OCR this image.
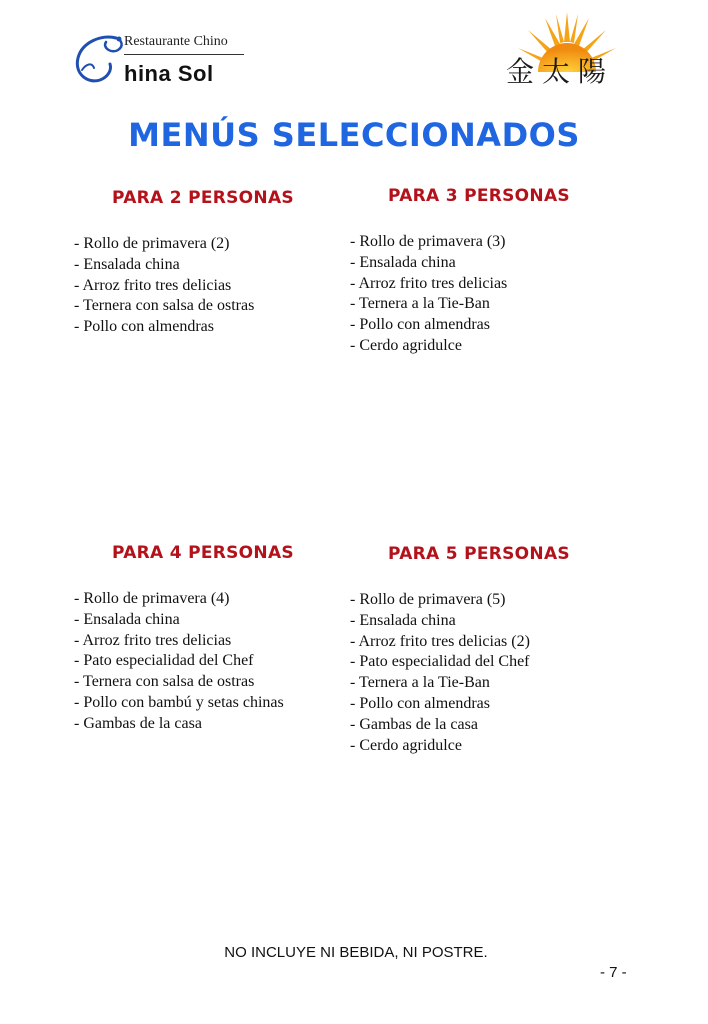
Restaurante Chino
hina Sol	金太陽
MENÚS SELECCIONADOS
PARA 2 PERSONAS
- Rollo de primavera (2)
- Ensalada china
- Arroz frito tres delicias
- Ternera con salsa de ostras
- Pollo con almendras
PARA 3 PERSONAS
- Rollo de primavera (3)
- Ensalada china
- Arroz frito tres delicias
- Ternera a la Tie-Ban
- Pollo con almendras
- Cerdo agridulce
PARA 4 PERSONAS
- Rollo de primavera (4)
- Ensalada china
- Arroz frito tres delicias
- Pato especialidad del Chef
- Ternera con salsa de ostras
- Pollo con bambú y setas chinas
- Gambas de la casa
PARA 5 PERSONAS
- Rollo de primavera (5)
- Ensalada china
- Arroz frito tres delicias (2)
- Pato especialidad del Chef
- Ternera a la Tie-Ban
- Pollo con almendras
- Gambas de la casa
- Cerdo agridulce
NO INCLUYE NI BEBIDA, NI POSTRE.
- 7 -
